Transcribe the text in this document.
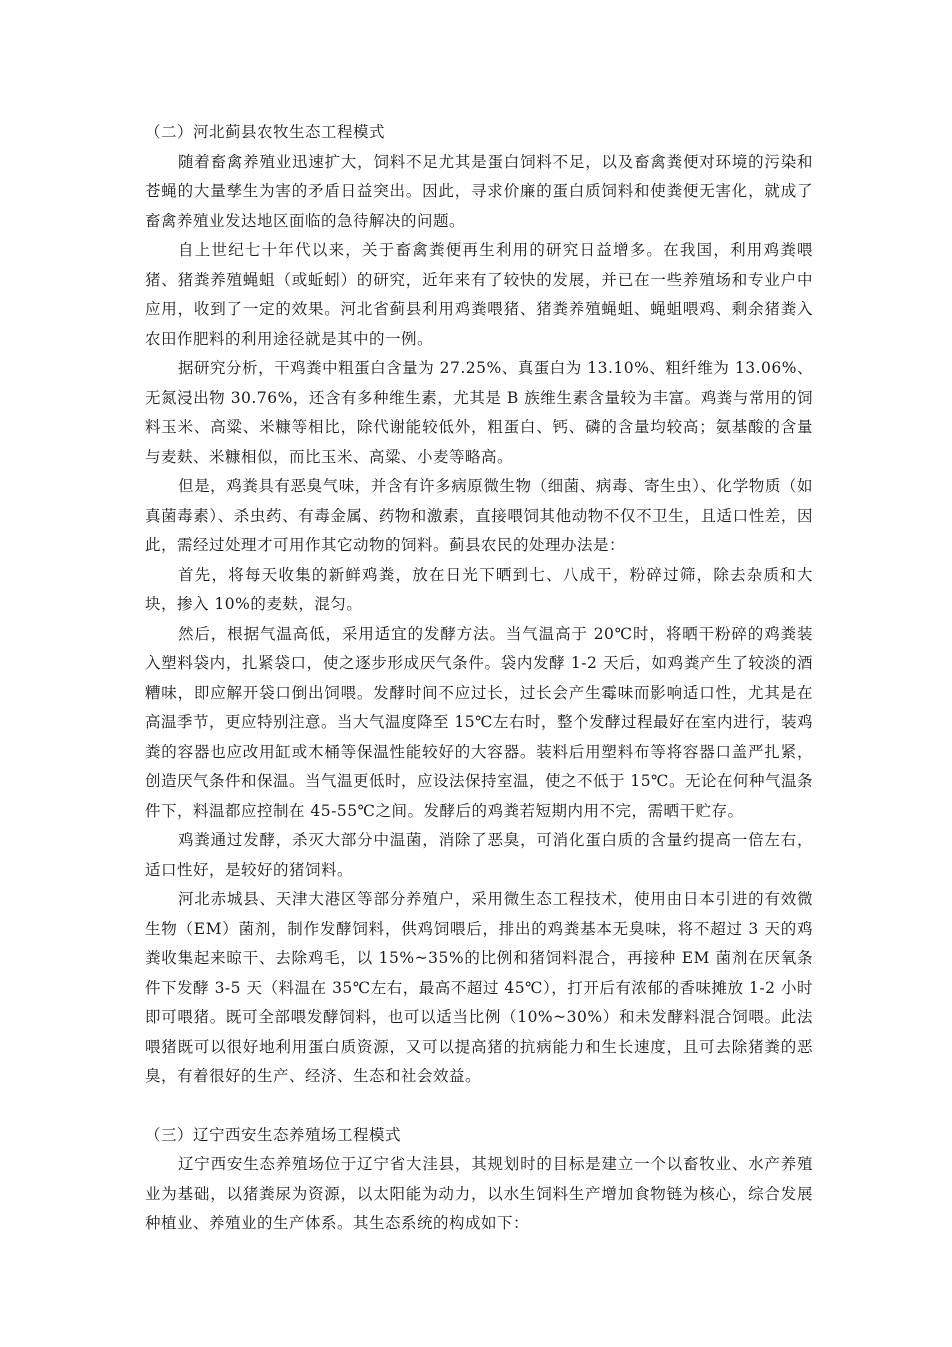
（二）河北蓟县农牧生态工程模式

随着畜禽养殖业迅速扩大，饲料不足尤其是蛋白饲料不足，以及畜禽粪便对环境的污染和苍蝇的大量孳生为害的矛盾日益突出。因此，寻求价廉的蛋白质饲料和使粪便无害化，就成了畜禽养殖业发达地区面临的急待解决的问题。

自上世纪七十年代以来，关于畜禽粪便再生利用的研究日益增多。在我国，利用鸡粪喂猪、猪粪养殖蝇蛆（或蚯蚓）的研究，近年来有了较快的发展，并已在一些养殖场和专业户中应用，收到了一定的效果。河北省蓟县利用鸡粪喂猪、猪粪养殖蝇蛆、蝇蛆喂鸡、剩余猪粪入农田作肥料的利用途径就是其中的一例。

据研究分析，干鸡粪中粗蛋白含量为 27.25%、真蛋白为 13.10%、粗纤维为 13.06%、无氮浸出物 30.76%，还含有多种维生素，尤其是 B 族维生素含量较为丰富。鸡粪与常用的饲料玉米、高粱、米糠等相比，除代谢能较低外，粗蛋白、钙、磷的含量均较高；氨基酸的含量与麦麸、米糠相似，而比玉米、高粱、小麦等略高。

但是，鸡粪具有恶臭气味，并含有许多病原微生物（细菌、病毒、寄生虫）、化学物质（如真菌毒素）、杀虫药、有毒金属、药物和激素，直接喂饲其他动物不仅不卫生，且适口性差，因此，需经过处理才可用作其它动物的饲料。蓟县农民的处理办法是：

首先，将每天收集的新鲜鸡粪，放在日光下晒到七、八成干，粉碎过筛，除去杂质和大块，掺入 10%的麦麸，混匀。

然后，根据气温高低，采用适宜的发酵方法。当气温高于 20℃时，将晒干粉碎的鸡粪装入塑料袋内，扎紧袋口，使之逐步形成厌气条件。袋内发酵 1-2 天后，如鸡粪产生了较淡的酒糟味，即应解开袋口倒出饲喂。发酵时间不应过长，过长会产生霉味而影响适口性，尤其是在高温季节，更应特别注意。当大气温度降至 15℃左右时，整个发酵过程最好在室内进行，装鸡粪的容器也应改用缸或木桶等保温性能较好的大容器。装料后用塑料布等将容器口盖严扎紧，创造厌气条件和保温。当气温更低时，应设法保持室温，使之不低于 15℃。无论在何种气温条件下，料温都应控制在 45-55℃之间。发酵后的鸡粪若短期内用不完，需晒干贮存。

鸡粪通过发酵，杀灭大部分中温菌，消除了恶臭，可消化蛋白质的含量约提高一倍左右，适口性好，是较好的猪饲料。

河北赤城县、天津大港区等部分养殖户，采用微生态工程技术，使用由日本引进的有效微生物（EM）菌剂，制作发酵饲料，供鸡饲喂后，排出的鸡粪基本无臭味，将不超过 3 天的鸡粪收集起来晾干、去除鸡毛，以 15%~35%的比例和猪饲料混合，再接种 EM 菌剂在厌氧条件下发酵 3-5 天（料温在 35℃左右，最高不超过 45℃），打开后有浓郁的香味摊放 1-2 小时即可喂猪。既可全部喂发酵饲料，也可以适当比例（10%~30%）和未发酵料混合饲喂。此法喂猪既可以很好地利用蛋白质资源，又可以提高猪的抗病能力和生长速度，且可去除猪粪的恶臭，有着很好的生产、经济、生态和社会效益。

（三）辽宁西安生态养殖场工程模式

辽宁西安生态养殖场位于辽宁省大洼县，其规划时的目标是建立一个以畜牧业、水产养殖业为基础，以猪粪尿为资源，以太阳能为动力，以水生饲料生产增加食物链为核心，综合发展种植业、养殖业的生产体系。其生态系统的构成如下：
